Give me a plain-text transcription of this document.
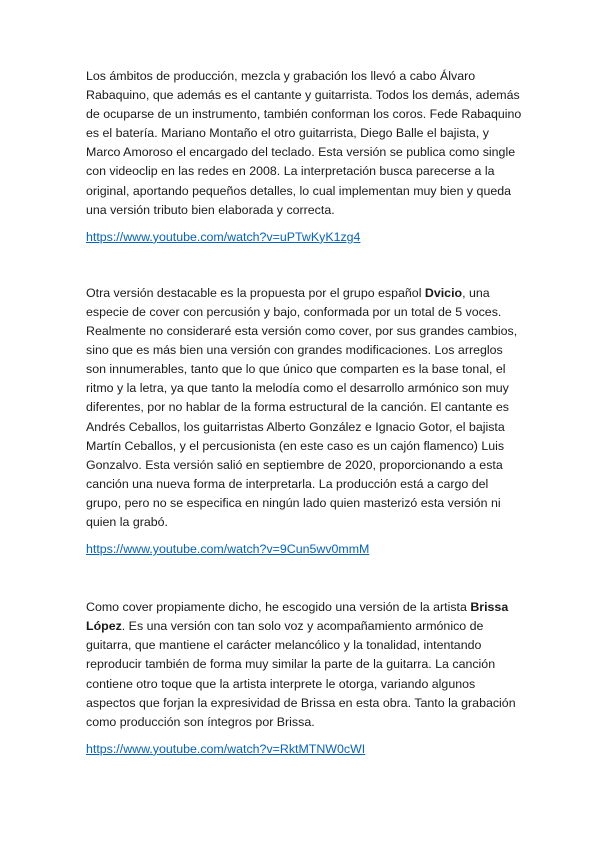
Los ámbitos de producción, mezcla y grabación los llevó a cabo Álvaro Rabaquino, que además es el cantante y guitarrista. Todos los demás, además de ocuparse de un instrumento, también conforman los coros. Fede Rabaquino es el batería. Mariano Montaño el otro guitarrista, Diego Balle el bajista, y Marco Amoroso el encargado del teclado. Esta versión se publica como single con videoclip en las redes en 2008. La interpretación busca parecerse a la original, aportando pequeños detalles, lo cual implementan muy bien y queda una versión tributo bien elaborada y correcta.

https://www.youtube.com/watch?v=uPTwKyK1zg4

Otra versión destacable es la propuesta por el grupo español Dvicio, una especie de cover con percusión y bajo, conformada por un total de 5 voces. Realmente no consideraré esta versión como cover, por sus grandes cambios, sino que es más bien una versión con grandes modificaciones. Los arreglos son innumerables, tanto que lo que único que comparten es la base tonal, el ritmo y la letra, ya que tanto la melodía como el desarrollo armónico son muy diferentes, por no hablar de la forma estructural de la canción. El cantante es Andrés Ceballos, los guitarristas Alberto González e Ignacio Gotor, el bajista Martín Ceballos, y el percusionista (en este caso es un cajón flamenco) Luis Gonzalvo. Esta versión salió en septiembre de 2020, proporcionando a esta canción una nueva forma de interpretarla. La producción está a cargo del grupo, pero no se especifica en ningún lado quien masterizó esta versión ni quien la grabó.

https://www.youtube.com/watch?v=9Cun5wv0mmM

Como cover propiamente dicho, he escogido una versión de la artista Brissa López. Es una versión con tan solo voz y acompañamiento armónico de guitarra, que mantiene el carácter melancólico y la tonalidad, intentando reproducir también de forma muy similar la parte de la guitarra. La canción contiene otro toque que la artista interprete le otorga, variando algunos aspectos que forjan la expresividad de Brissa en esta obra. Tanto la grabación como producción son íntegros por Brissa.

https://www.youtube.com/watch?v=RktMTNW0cWI
